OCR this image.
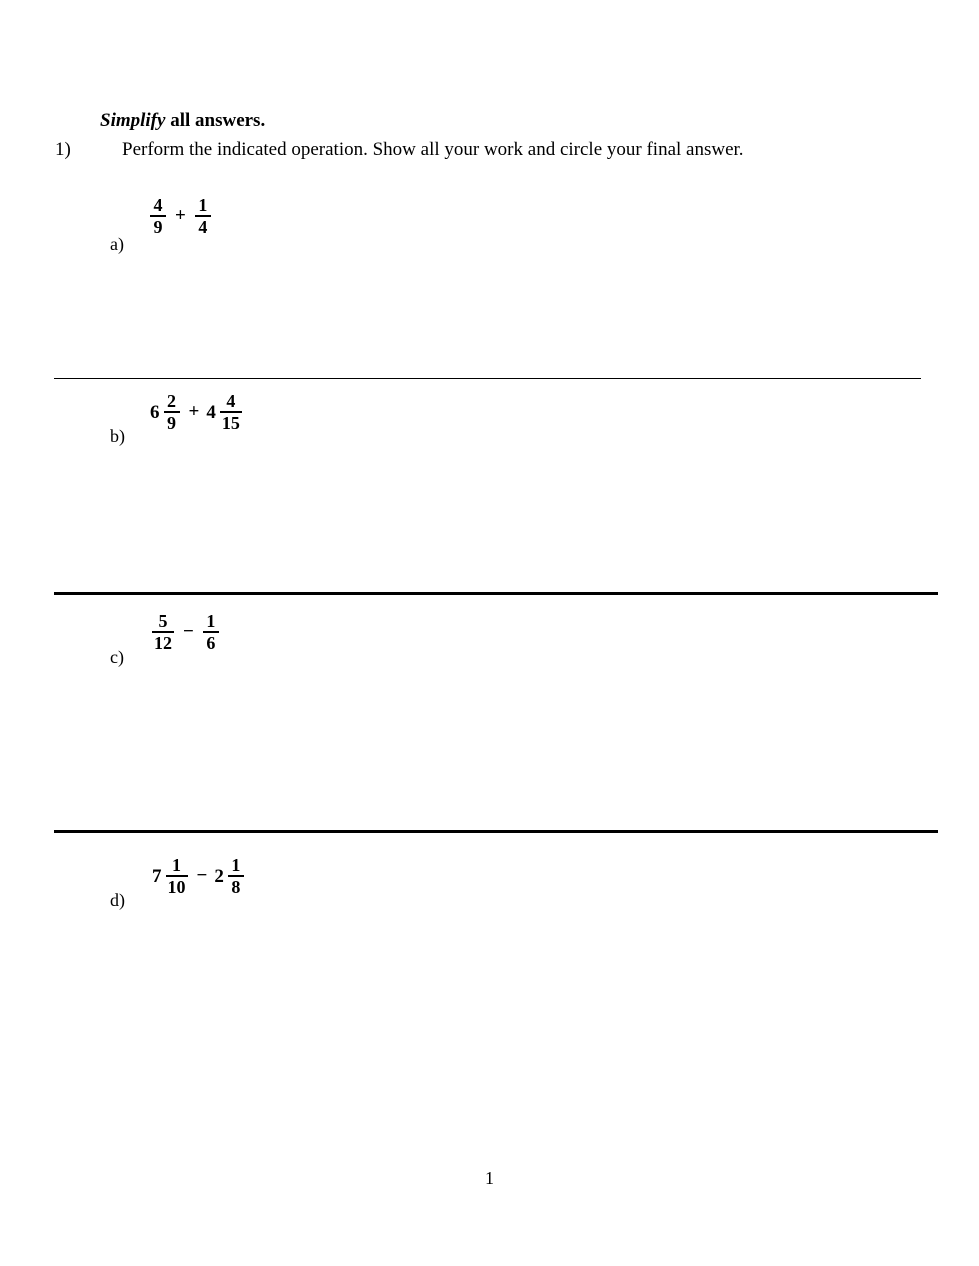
Simplify all answers.
1)	Perform the indicated operation. Show all your work and circle your final answer.
a)
$\frac{4}{9} + \frac{1}{4}$
b)
$6 \frac{2}{9} + 4 \frac{4}{15}$
c)
$\frac{5}{12} - \frac{1}{6}$
d)
$7 \frac{1}{10} - 2 \frac{1}{8}$
1
